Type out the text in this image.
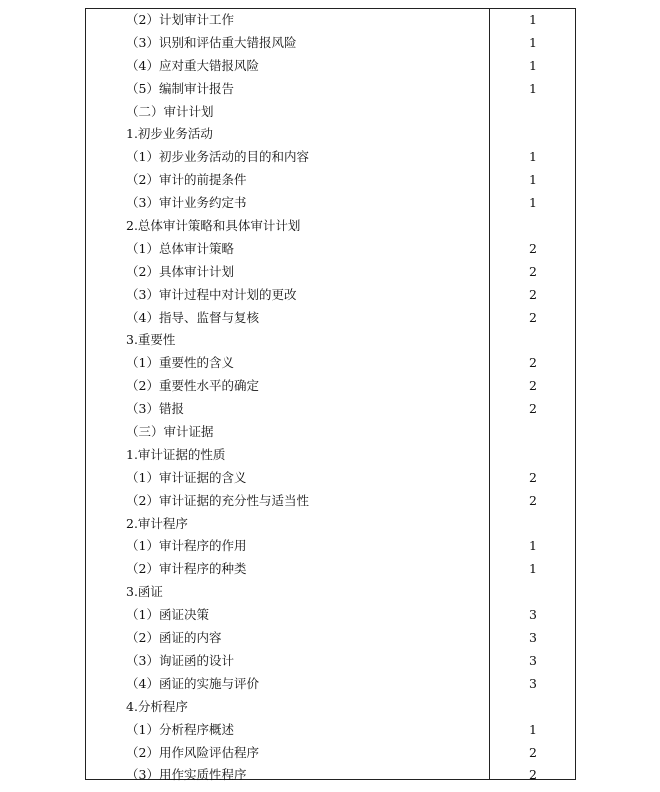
（2）计划审计工作	1
（3）识别和评估重大错报风险	1
（4）应对重大错报风险	1
（5）编制审计报告	1
（二）审计计划
1.初步业务活动
（1）初步业务活动的目的和内容	1
（2）审计的前提条件	1
（3）审计业务约定书	1
2.总体审计策略和具体审计计划
（1）总体审计策略	2
（2）具体审计计划	2
（3）审计过程中对计划的更改	2
（4）指导、监督与复核	2
3.重要性
（1）重要性的含义	2
（2）重要性水平的确定	2
（3）错报	2
（三）审计证据
1.审计证据的性质
（1）审计证据的含义	2
（2）审计证据的充分性与适当性	2
2.审计程序
（1）审计程序的作用	1
（2）审计程序的种类	1
3.函证
（1）函证决策	3
（2）函证的内容	3
（3）询证函的设计	3
（4）函证的实施与评价	3
4.分析程序
（1）分析程序概述	1
（2）用作风险评估程序	2
（3）用作实质性程序	2
